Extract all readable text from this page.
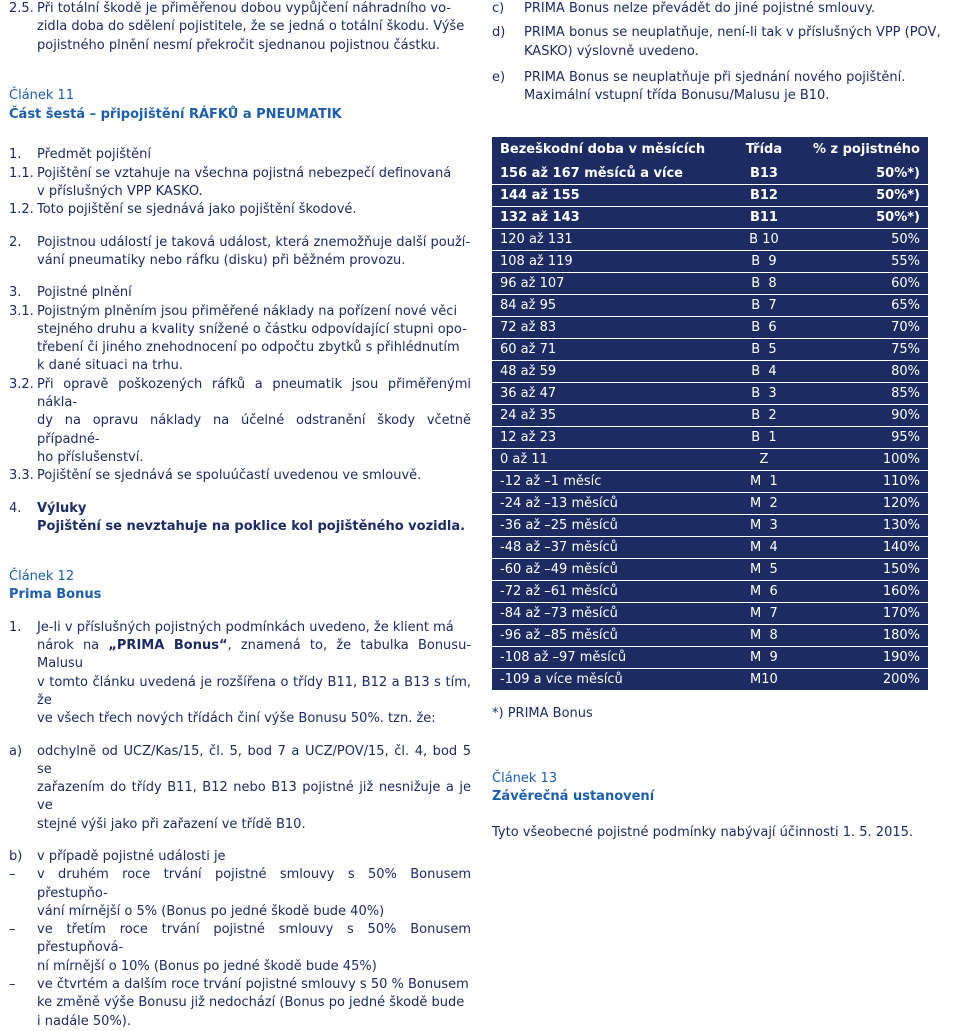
2.5. Při totální škodě je přiměřenou dobou vypůjčení náhradního vo-
zidla doba do sdělení pojistitele, že se jedná o totální škodu. Výše
pojistného plnění nesmí překročit sjednanou pojistnou částku.
Článek 11
Část šestá – připojištění RÁFKŮ a PNEUMATIK
1.	Předmět pojištění
1.1. Pojištění se vztahuje na všechna pojistná nebezpečí definovaná
v příslušných VPP KASKO.
1.2. Toto pojištění se sjednává jako pojištění škodové.
2.	Pojistnou událostí je taková událost, která znemožňuje další použí-
vání pneumatiky nebo ráfku (disku) při běžném provozu.
3.	Pojistné plnění
3.1. Pojistným plněním jsou přiměřené náklady na pořízení nové věci
stejného druhu a kvality snížené o částku odpovídající stupni opo-
třebení či jiného znehodnocení po odpočtu zbytků s přihlédnutím
k dané situaci na trhu.
3.2. Při opravě poškozených ráfků a pneumatik jsou přiměřenými nákla-
dy na opravu náklady na účelné odstranění škody včetně případné-
ho příslušenství.
3.3. Pojištění se sjednává se spoluúčastí uvedenou ve smlouvě.
4.	Výluky
Pojištění se nevztahuje na poklice kol pojištěného vozidla.
Článek 12
Prima Bonus
1.	Je-li v příslušných pojistných podmínkách uvedeno, že klient má
nárok na „PRIMA Bonus“, znamená to, že tabulka Bonusu-Malusu
v tomto článku uvedená je rozšířena o třídy B11, B12 a B13 s tím, že
ve všech třech nových třídách činí výše Bonusu 50%. tzn. že:
a)	odchylně od UCZ/Kas/15, čl. 5, bod 7 a UCZ/POV/15, čl. 4, bod 5 se
zařazením do třídy B11, B12 nebo B13 pojistné již nesnižuje a je ve
stejné výši jako při zařazení ve třídě B10.
b)	v případě pojistné události je
–	v druhém roce trvání pojistné smlouvy s 50% Bonusem přestupňo-
vání mírnější o 5% (Bonus po jedné škodě bude 40%)
–	ve třetím roce trvání pojistné smlouvy s 50% Bonusem přestupňová-
ní mírnější o 10% (Bonus po jedné škodě bude 45%)
–	ve čtvrtém a dalším roce trvání pojistné smlouvy s 50 % Bonusem
ke změně výše Bonusu již nedochází (Bonus po jedné škodě bude
i nadále 50%).
c)	PRIMA Bonus nelze převádět do jiné pojistné smlouvy.
d)	PRIMA bonus se neuplatňuje, není-li tak v příslušných VPP (POV,
KASKO) výslovně uvedeno.
e)	PRIMA Bonus se neuplatňuje při sjednání nového pojištění.
Maximální vstupní třída Bonusu/Malusu je B10.
Bezeškodní doba v měsících	Třída	% z pojistného
156 až 167 měsíců a více	B13	50%*)
144 až 155	B12	50%*)
132 až 143	B11	50%*)
120 až 131	B 10	50%
108 až 119	B  9	55%
96 až 107	B  8	60%
84 až 95	B  7	65%
72 až 83	B  6	70%
60 až 71	B  5	75%
48 až 59	B  4	80%
36 až 47	B  3	85%
24 až 35	B  2	90%
12 až 23	B  1	95%
0 až 11	Z	100%
-12 až –1 měsíc	M  1	110%
-24 až –13 měsíců	M  2	120%
-36 až –25 měsíců	M  3	130%
-48 až –37 měsíců	M  4	140%
-60 až –49 měsíců	M  5	150%
-72 až –61 měsíců	M  6	160%
-84 až –73 měsíců	M  7	170%
-96 až –85 měsíců	M  8	180%
-108 až –97 měsíců	M  9	190%
-109 a více měsíců	M10	200%
*) PRIMA Bonus
Článek 13
Závěrečná ustanovení
Tyto všeobecné pojistné podmínky nabývají účinnosti 1. 5. 2015.
